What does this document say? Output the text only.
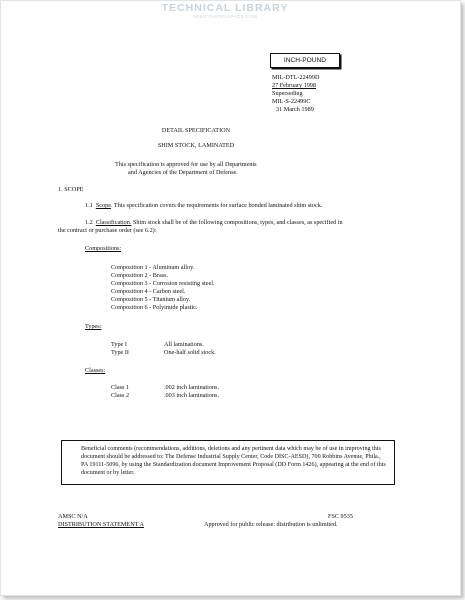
TECHNICAL LIBRARY
ABBOTTAEROSPACE.COM
INCH-POUND
MIL-DTL-22499D
27 February 1998
Superseding
MIL-S-22499C
31 March 1989
DETAIL SPECIFICATION
SHIM STOCK, LAMINATED
This specification is approved for use by all Departments
and Agencies of the Department of Defense.
1. SCOPE
1.1 Scope. This specification covers the requirements for surface bonded laminated shim stock.
1.2 Classification. Shim stock shall be of the following compositions, types, and classes, as specified in
the contract or purchase order (see 6.2):
Compositions:
Composition 1 - Aluminum alloy.
Composition 2 - Brass.
Composition 3 - Corrosion resisting steel.
Composition 4 - Carbon steel.
Composition 5 - Titanium alloy.
Composition 6 - Polyimide plastic.
Types:
Type I	All laminations.
Type II	One-half solid stock.
Classes:
Class 1	.002 inch laminations.
Class 2	.003 inch laminations.
Beneficial comments (recommendations, additions, deletions and any pertinent data which may be of use in improving this document should be addressed to: The Defense Industrial Supply Center, Code DISC-AESD), 700 Robbins Avenue, Phila., PA 19111-5096, by using the Standardization document Improvement Proposal (DD Form 1426), appearing at the end of this document or by letter.
AMSC N/A	FSC 9535
DISTRIBUTION STATEMENT A	Approved for public release: distribution is unlimited.
